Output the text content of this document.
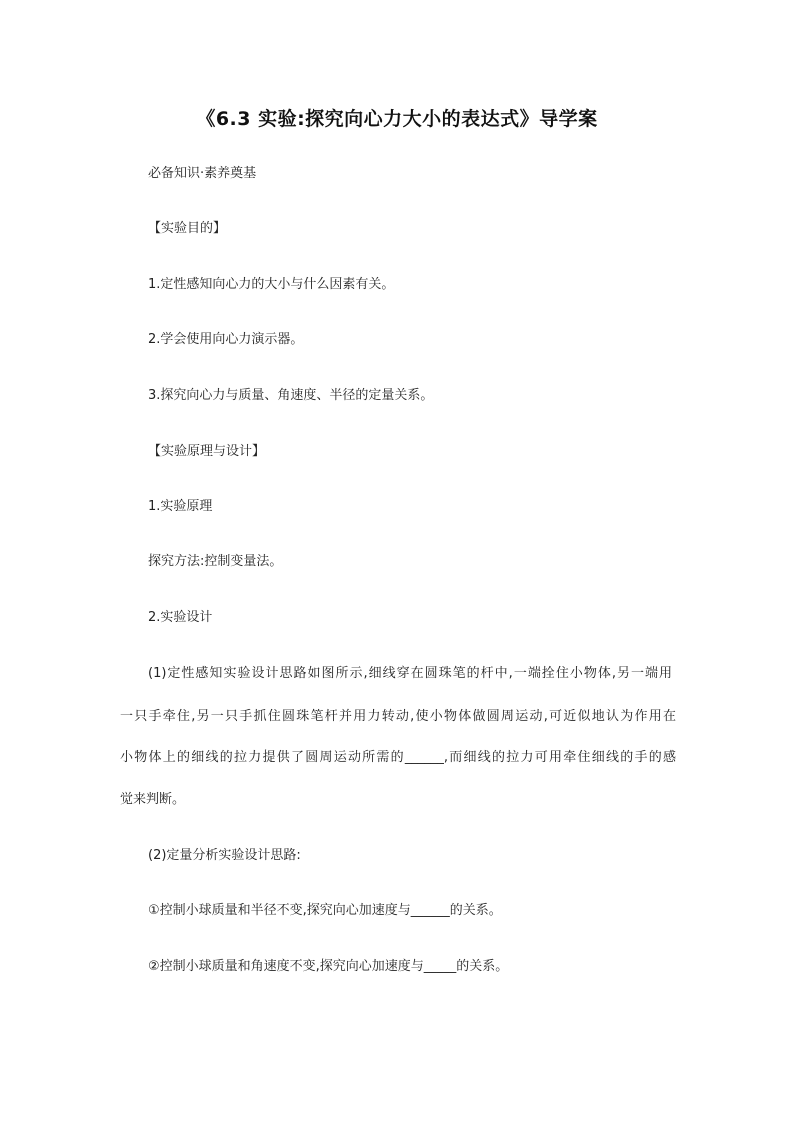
《6.3 实验:探究向心力大小的表达式》导学案
必备知识·素养奠基
【实验目的】
1.定性感知向心力的大小与什么因素有关。
2.学会使用向心力演示器。
3.探究向心力与质量、角速度、半径的定量关系。
【实验原理与设计】
1.实验原理
探究方法:控制变量法。
2.实验设计
(1)定性感知实验设计思路如图所示,细线穿在圆珠笔的杆中,一端拴住小物体,另一端用
一只手牵住,另一只手抓住圆珠笔杆并用力转动,使小物体做圆周运动,可近似地认为作用在
小物体上的细线的拉力提供了圆周运动所需的______,而细线的拉力可用牵住细线的手的感
觉来判断。
(2)定量分析实验设计思路:
①控制小球质量和半径不变,探究向心加速度与______的关系。
②控制小球质量和角速度不变,探究向心加速度与_____的关系。
